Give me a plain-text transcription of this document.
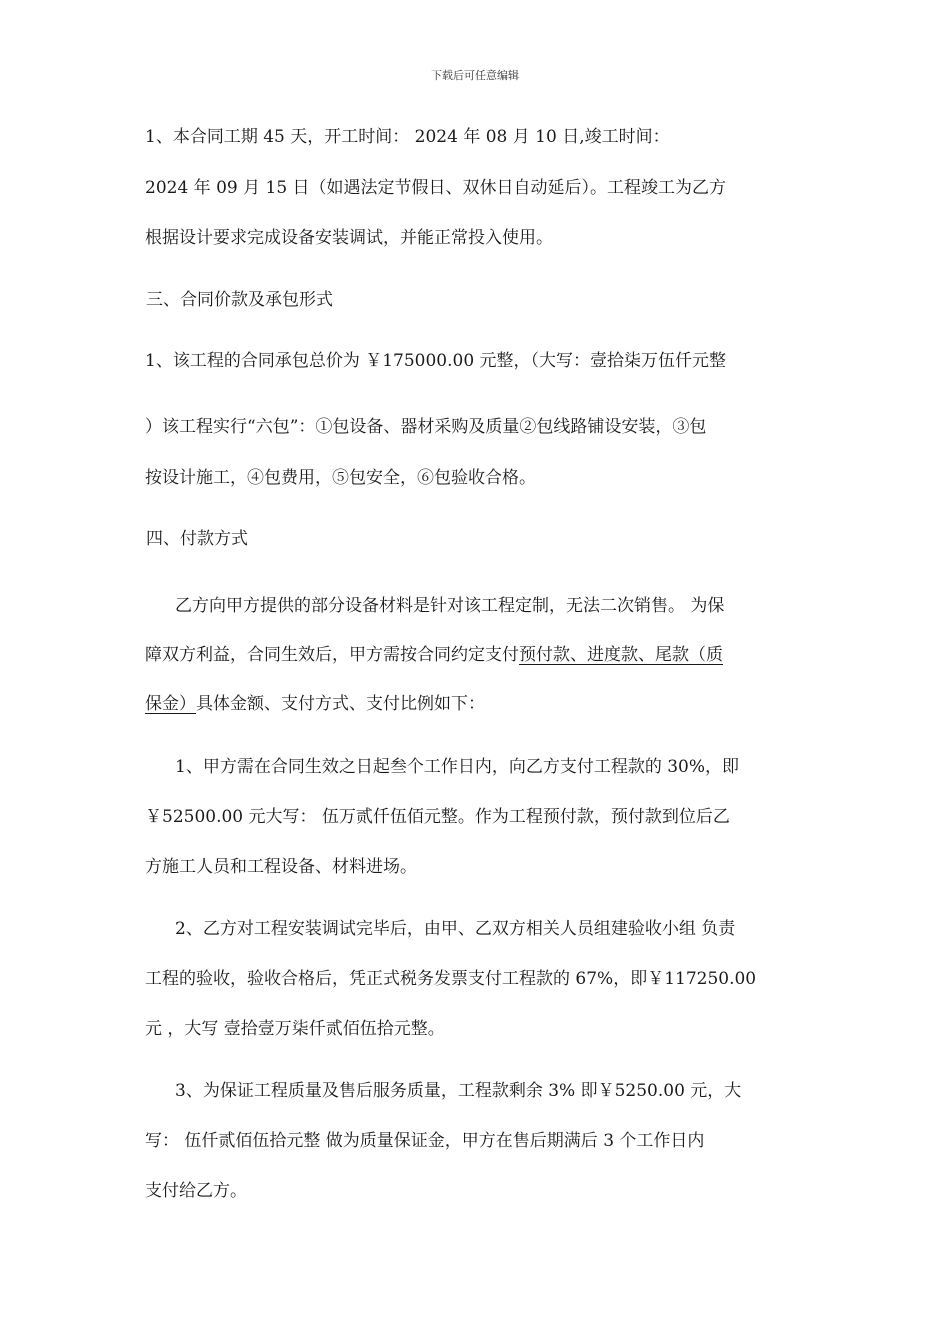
下载后可任意编辑
1、本合同工期 45 天，开工时间： 2024 年 08 月 10 日,竣工时间：
2024 年 09 月 15 日（如遇法定节假日、双休日自动延后）。工程竣工为乙方
根据设计要求完成设备安装调试，并能正常投入使用。
三、合同价款及承包形式
1、该工程的合同承包总价为 ￥175000.00 元整，（大写：壹拾柒万伍仟元整
）该工程实行“六包”：①包设备、器材采购及质量②包线路铺设安装，③包
按设计施工，④包费用，⑤包安全，⑥包验收合格。
四、付款方式
乙方向甲方提供的部分设备材料是针对该工程定制，无法二次销售。 为保
障双方利益，合同生效后，甲方需按合同约定支付预付款、进度款、尾款（质
保金）具体金额、支付方式、支付比例如下：
1、甲方需在合同生效之日起叁个工作日内，向乙方支付工程款的 30%，即
￥52500.00 元大写： 伍万贰仟伍佰元整。作为工程预付款，预付款到位后乙
方施工人员和工程设备、材料进场。
2、乙方对工程安装调试完毕后，由甲、乙双方相关人员组建验收小组 负责
工程的验收，验收合格后，凭正式税务发票支付工程款的 67%，即￥117250.00
元 ，大写 壹拾壹万柒仟贰佰伍拾元整。
3、为保证工程质量及售后服务质量，工程款剩余 3% 即￥5250.00 元，大
写： 伍仟贰佰伍拾元整 做为质量保证金，甲方在售后期满后 3 个工作日内
支付给乙方。
